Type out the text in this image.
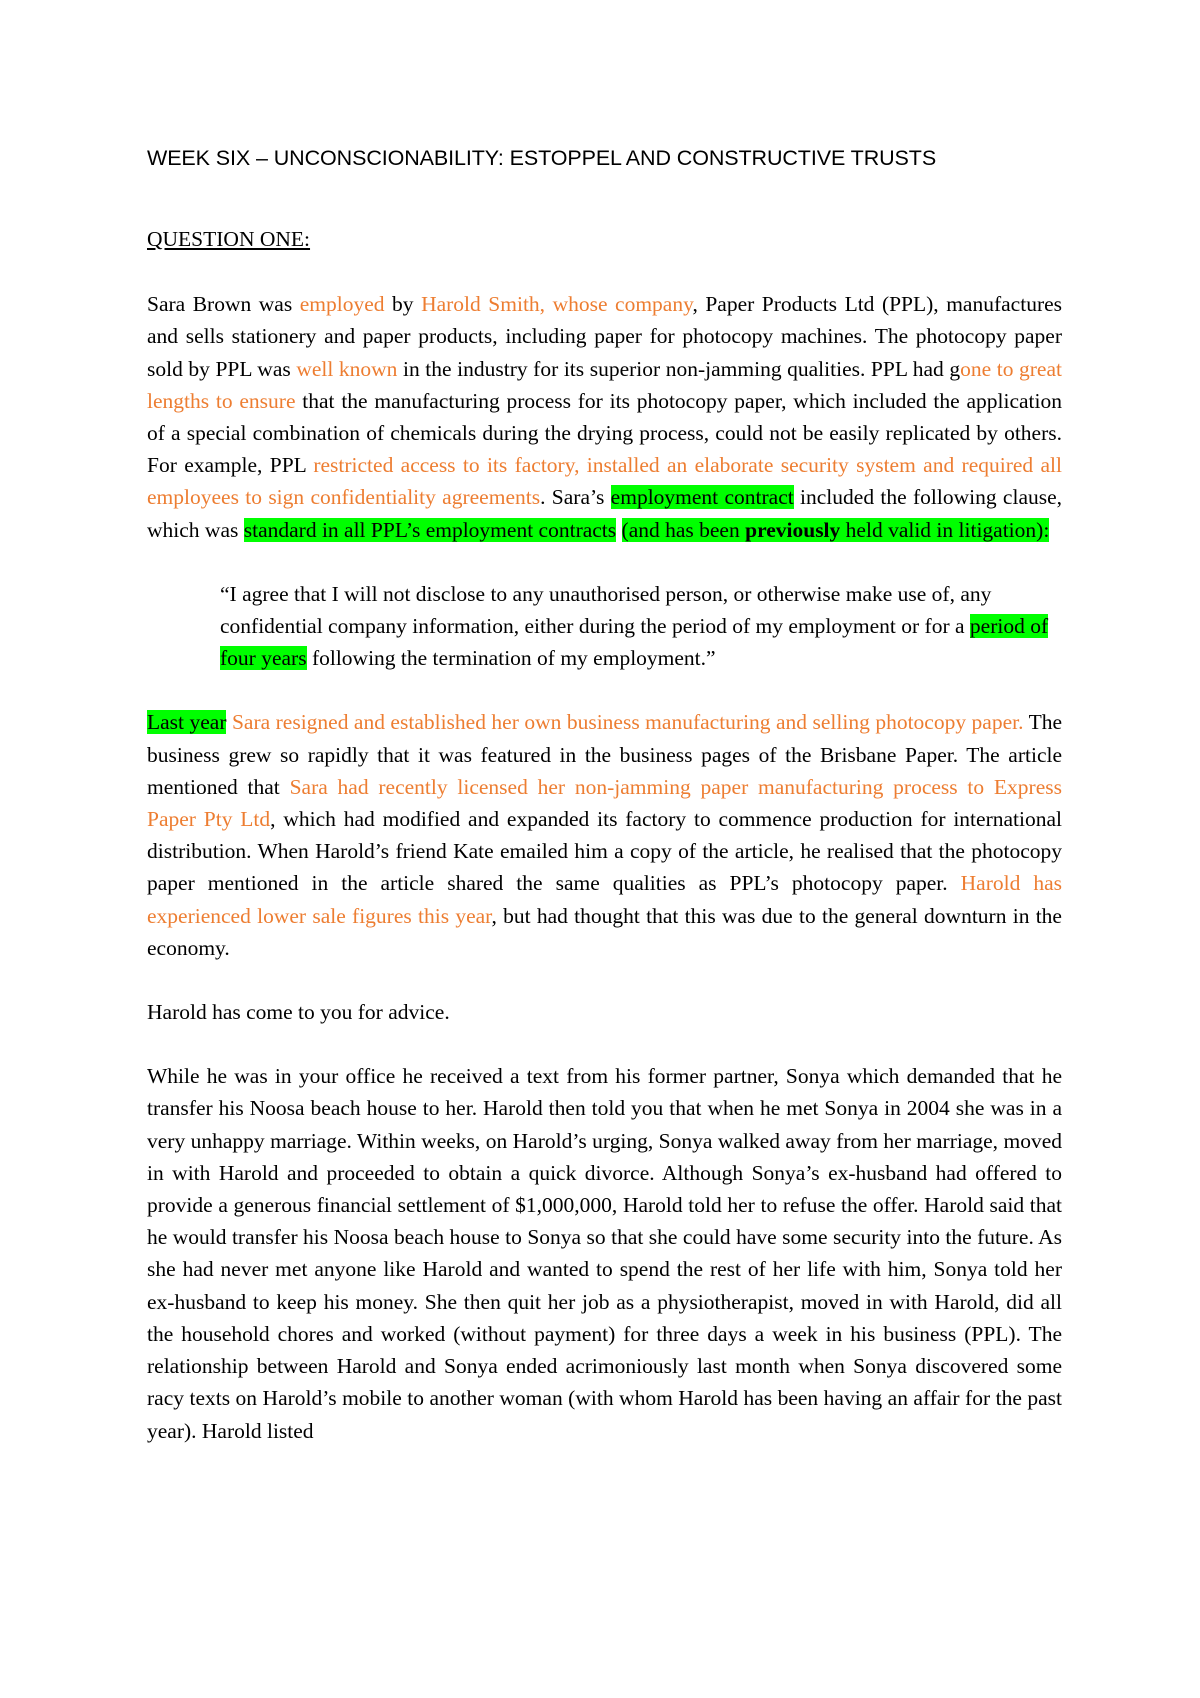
WEEK SIX – UNCONSCIONABILITY: ESTOPPEL AND CONSTRUCTIVE TRUSTS
QUESTION ONE:

Sara Brown was employed by Harold Smith, whose company, Paper Products Ltd (PPL), manufactures and sells stationery and paper products, including paper for photocopy machines. The photocopy paper sold by PPL was well known in the industry for its superior non-jamming qualities. PPL had gone to great lengths to ensure that the manufacturing process for its photocopy paper, which included the application of a special combination of chemicals during the drying process, could not be easily replicated by others. For example, PPL restricted access to its factory, installed an elaborate security system and required all employees to sign confidentiality agreements. Sara’s employment contract included the following clause, which was standard in all PPL’s employment contracts (and has been previously held valid in litigation):

“I agree that I will not disclose to any unauthorised person, or otherwise make use of, any confidential company information, either during the period of my employment or for a period of four years following the termination of my employment.”

Last year Sara resigned and established her own business manufacturing and selling photocopy paper. The business grew so rapidly that it was featured in the business pages of the Brisbane Paper. The article mentioned that Sara had recently licensed her non-jamming paper manufacturing process to Express Paper Pty Ltd, which had modified and expanded its factory to commence production for international distribution. When Harold’s friend Kate emailed him a copy of the article, he realised that the photocopy paper mentioned in the article shared the same qualities as PPL’s photocopy paper. Harold has experienced lower sale figures this year, but had thought that this was due to the general downturn in the economy.

Harold has come to you for advice.

While he was in your office he received a text from his former partner, Sonya which demanded that he transfer his Noosa beach house to her. Harold then told you that when he met Sonya in 2004 she was in a very unhappy marriage. Within weeks, on Harold’s urging, Sonya walked away from her marriage, moved in with Harold and proceeded to obtain a quick divorce. Although Sonya’s ex-husband had offered to provide a generous financial settlement of $1,000,000, Harold told her to refuse the offer. Harold said that he would transfer his Noosa beach house to Sonya so that she could have some security into the future. As she had never met anyone like Harold and wanted to spend the rest of her life with him, Sonya told her ex-husband to keep his money. She then quit her job as a physiotherapist, moved in with Harold, did all the household chores and worked (without payment) for three days a week in his business (PPL). The relationship between Harold and Sonya ended acrimoniously last month when Sonya discovered some racy texts on Harold’s mobile to another woman (with whom Harold has been having an affair for the past year). Harold listed
